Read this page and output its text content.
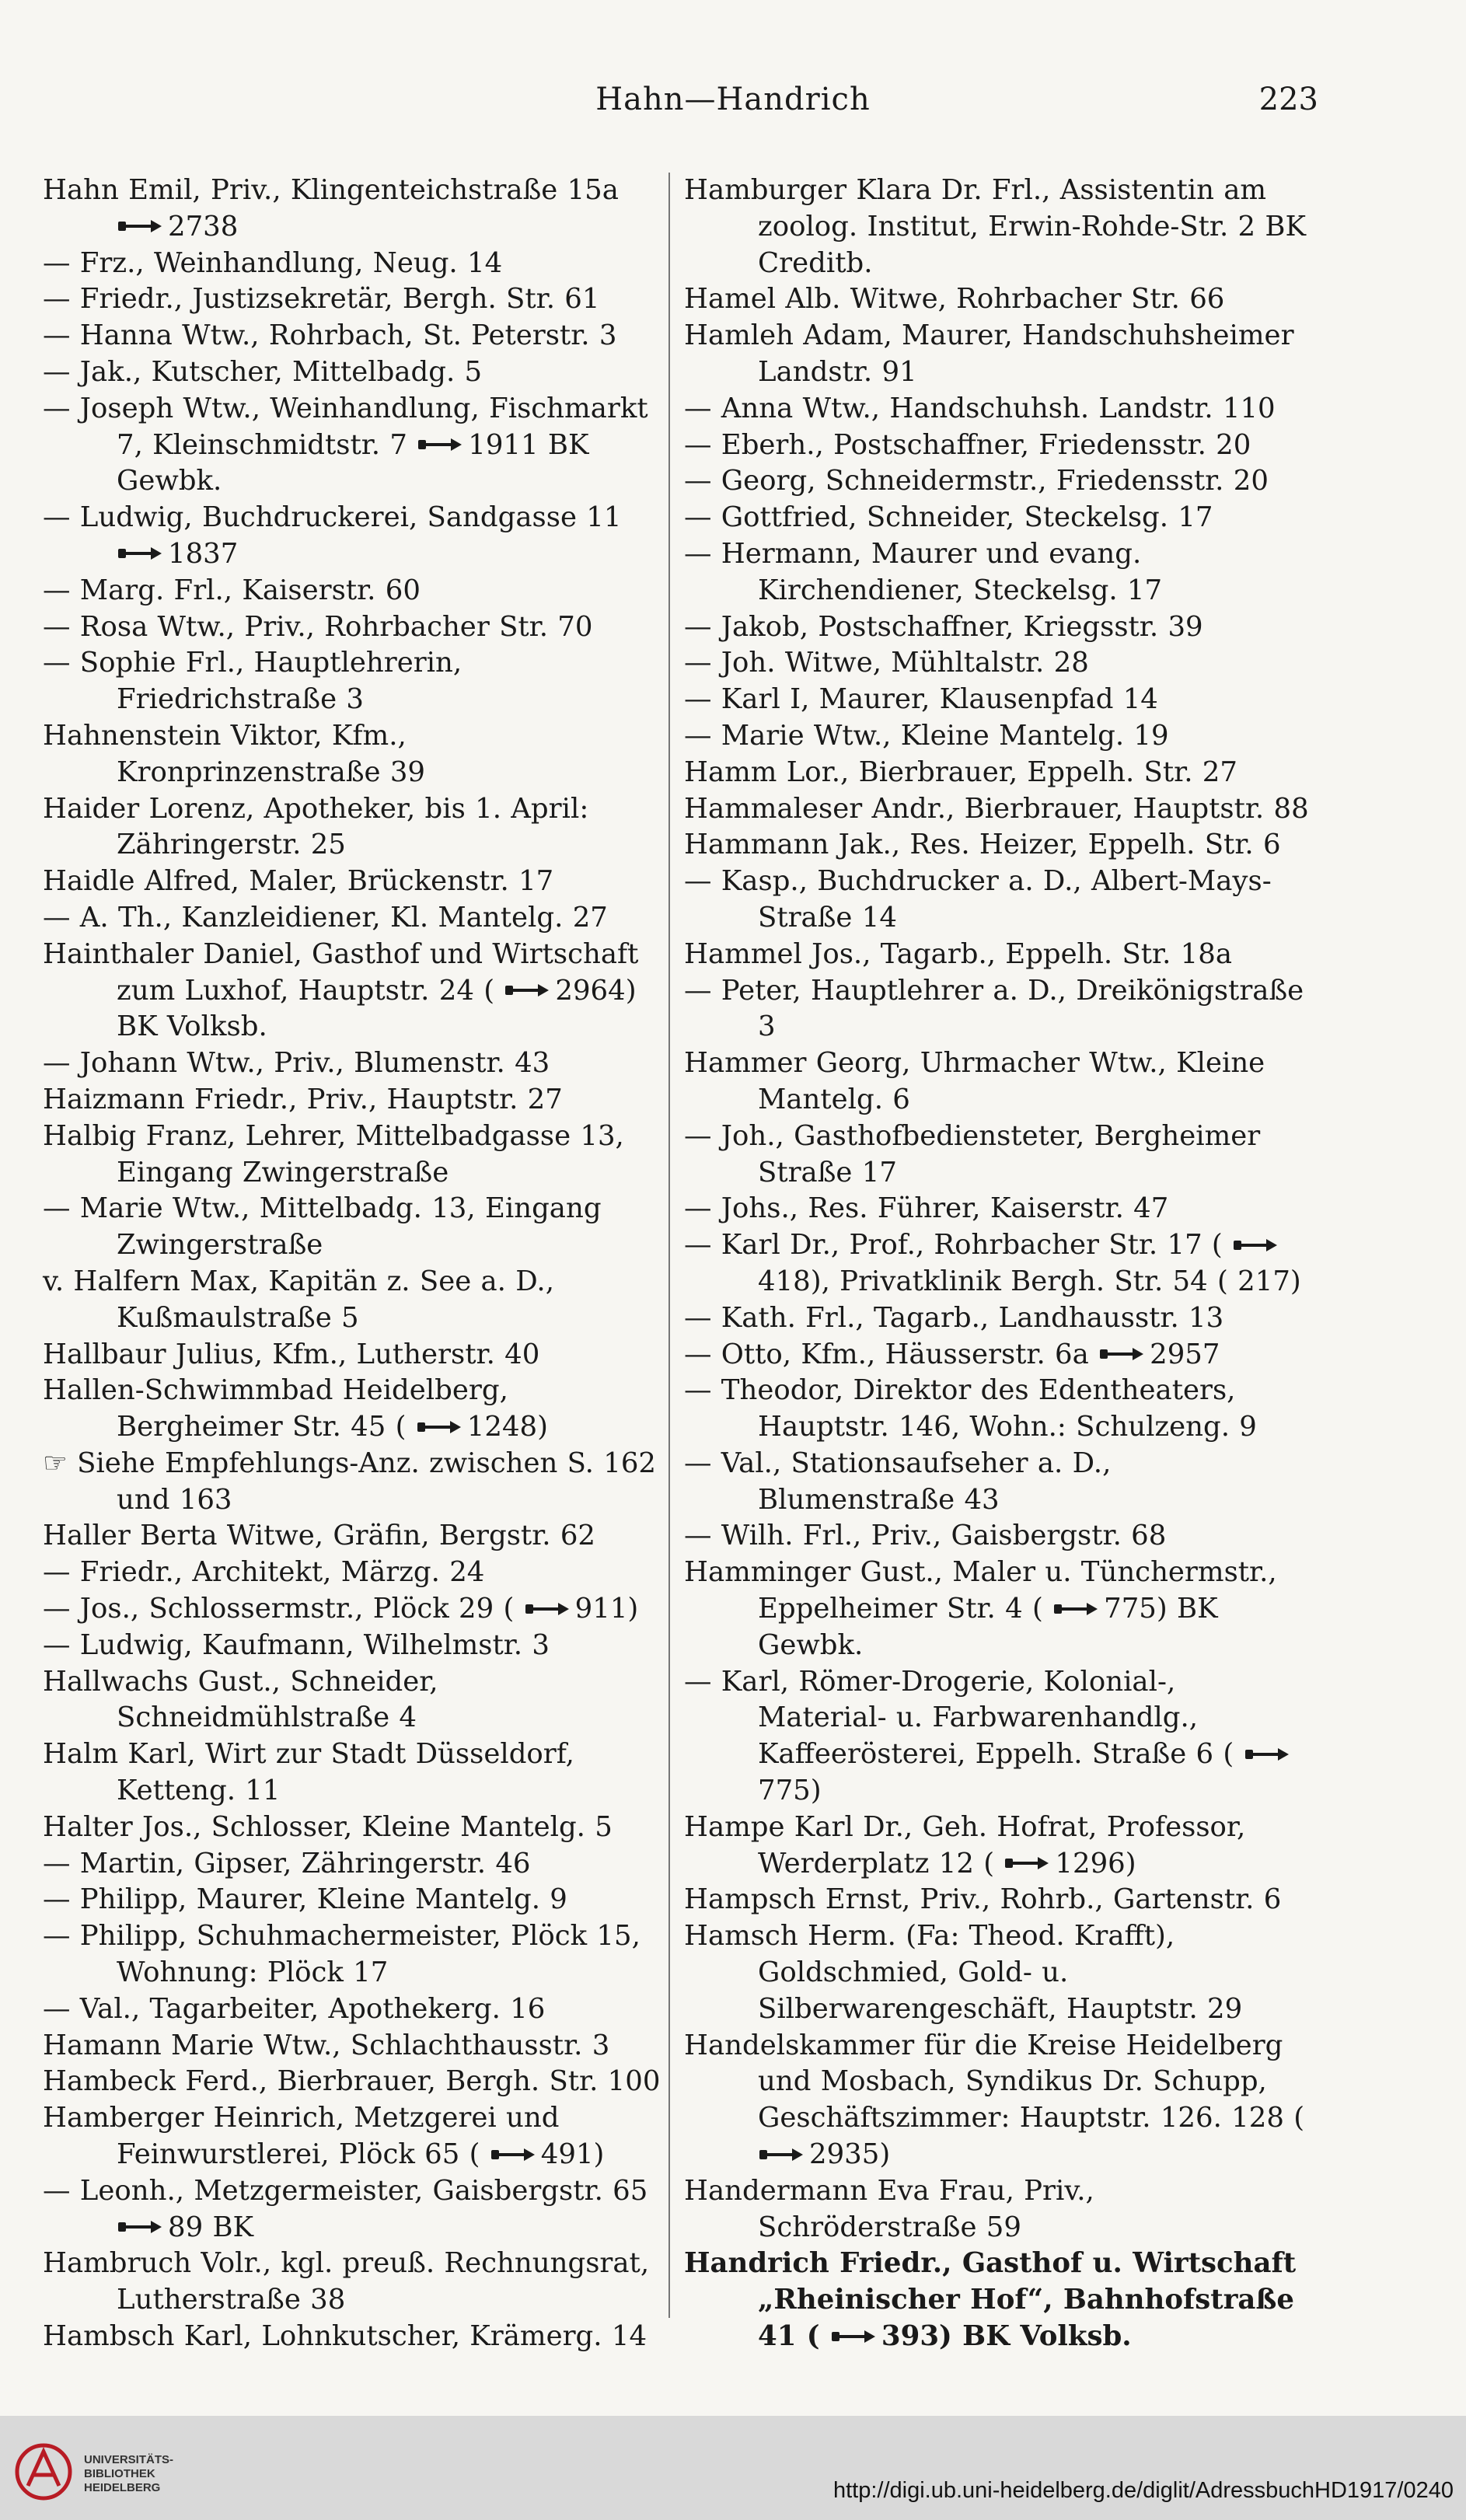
Hahn—Handrich	223
Hahn Emil, Priv., Klingenteichstraße 15a 2738
— Frz., Weinhandlung, Neug. 14
— Friedr., Justizsekretär, Bergh. Str. 61
— Hanna Wtw., Rohrbach, St. Peterstr. 3
— Jak., Kutscher, Mittelbadg. 5
— Joseph Wtw., Weinhandlung, Fischmarkt 7, Kleinschmidtstr. 7 1911 BK Gewbk.
— Ludwig, Buchdruckerei, Sandgasse 11 1837
— Marg. Frl., Kaiserstr. 60
— Rosa Wtw., Priv., Rohrbacher Str. 70
— Sophie Frl., Hauptlehrerin, Friedrichstraße 3
Hahnenstein Viktor, Kfm., Kronprinzenstraße 39
Haider Lorenz, Apotheker, bis 1. April: Zähringerstr. 25
Haidle Alfred, Maler, Brückenstr. 17
— A. Th., Kanzleidiener, Kl. Mantelg. 27
Hainthaler Daniel, Gasthof und Wirtschaft zum Luxhof, Hauptstr. 24 ( 2964) BK Volksb.
— Johann Wtw., Priv., Blumenstr. 43
Haizmann Friedr., Priv., Hauptstr. 27
Halbig Franz, Lehrer, Mittelbadgasse 13, Eingang Zwingerstraße
— Marie Wtw., Mittelbadg. 13, Eingang Zwingerstraße
v. Halfern Max, Kapitän z. See a. D., Kußmaulstraße 5
Hallbaur Julius, Kfm., Lutherstr. 40
Hallen-Schwimmbad Heidelberg, Bergheimer Str. 45 ( 1248)
☞ Siehe Empfehlungs-Anz. zwischen S. 162 und 163
Haller Berta Witwe, Gräfin, Bergstr. 62
— Friedr., Architekt, Märzg. 24
— Jos., Schlossermstr., Plöck 29 ( 911)
— Ludwig, Kaufmann, Wilhelmstr. 3
Hallwachs Gust., Schneider, Schneidmühlstraße 4
Halm Karl, Wirt zur Stadt Düsseldorf, Ketteng. 11
Halter Jos., Schlosser, Kleine Mantelg. 5
— Martin, Gipser, Zähringerstr. 46
— Philipp, Maurer, Kleine Mantelg. 9
— Philipp, Schuhmachermeister, Plöck 15, Wohnung: Plöck 17
— Val., Tagarbeiter, Apothekerg. 16
Hamann Marie Wtw., Schlachthausstr. 3
Hambeck Ferd., Bierbrauer, Bergh. Str. 100
Hamberger Heinrich, Metzgerei und Feinwurstlerei, Plöck 65 ( 491)
— Leonh., Metzgermeister, Gaisbergstr. 65 89 BK
Hambruch Volr., kgl. preuß. Rechnungsrat, Lutherstraße 38
Hambsch Karl, Lohnkutscher, Krämerg. 14
Hamburger Klara Dr. Frl., Assistentin am zoolog. Institut, Erwin-Rohde-Str. 2 BK Creditb.
Hamel Alb. Witwe, Rohrbacher Str. 66
Hamleh Adam, Maurer, Handschuhsheimer Landstr. 91
— Anna Wtw., Handschuhsh. Landstr. 110
— Eberh., Postschaffner, Friedensstr. 20
— Georg, Schneidermstr., Friedensstr. 20
— Gottfried, Schneider, Steckelsg. 17
— Hermann, Maurer und evang. Kirchendiener, Steckelsg. 17
— Jakob, Postschaffner, Kriegsstr. 39
— Joh. Witwe, Mühltalstr. 28
— Karl I, Maurer, Klausenpfad 14
— Marie Wtw., Kleine Mantelg. 19
Hamm Lor., Bierbrauer, Eppelh. Str. 27
Hammaleser Andr., Bierbrauer, Hauptstr. 88
Hammann Jak., Res. Heizer, Eppelh. Str. 6
— Kasp., Buchdrucker a. D., Albert-Mays-Straße 14
Hammel Jos., Tagarb., Eppelh. Str. 18a
— Peter, Hauptlehrer a. D., Dreikönigstraße 3
Hammer Georg, Uhrmacher Wtw., Kleine Mantelg. 6
— Joh., Gasthofbediensteter, Bergheimer Straße 17
— Johs., Res. Führer, Kaiserstr. 47
— Karl Dr., Prof., Rohrbacher Str. 17 ( 418), Privatklinik Bergh. Str. 54 ( 217)
— Kath. Frl., Tagarb., Landhausstr. 13
— Otto, Kfm., Häusserstr. 6a 2957
— Theodor, Direktor des Edentheaters, Hauptstr. 146, Wohn.: Schulzeng. 9
— Val., Stationsaufseher a. D., Blumenstraße 43
— Wilh. Frl., Priv., Gaisbergstr. 68
Hamminger Gust., Maler u. Tünchermstr., Eppelheimer Str. 4 ( 775) BK Gewbk.
— Karl, Römer-Drogerie, Kolonial-, Material- u. Farbwarenhandlg., Kaffeerösterei, Eppelh. Straße 6 ( 775)
Hampe Karl Dr., Geh. Hofrat, Professor, Werderplatz 12 ( 1296)
Hampsch Ernst, Priv., Rohrb., Gartenstr. 6
Hamsch Herm. (Fa: Theod. Krafft), Goldschmied, Gold- u. Silberwarengeschäft, Hauptstr. 29
Handelskammer für die Kreise Heidelberg und Mosbach, Syndikus Dr. Schupp, Geschäftszimmer: Hauptstr. 126. 128 ( 2935)
Handermann Eva Frau, Priv., Schröderstraße 59
Handrich Friedr., Gasthof u. Wirtschaft „Rheinischer Hof“, Bahnhofstraße 41 ( 393) BK Volksb.
UNIVERSITÄTS-
BIBLIOTHEK
HEIDELBERG	http://digi.ub.uni-heidelberg.de/diglit/AdressbuchHD1917/0240
